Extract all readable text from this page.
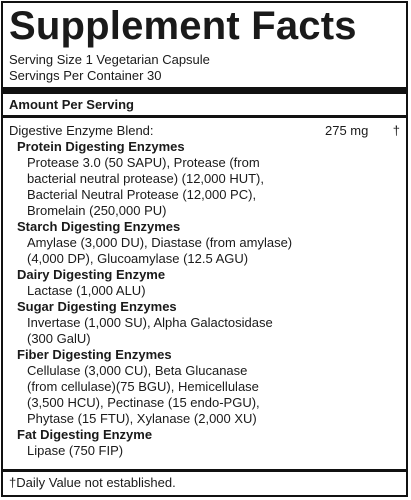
Supplement Facts
Serving Size 1 Vegetarian Capsule
Servings Per Container 30
Amount Per Serving
Digestive Enzyme Blend:	275 mg †
Protein Digesting Enzymes
Protease 3.0 (50 SAPU), Protease (from
bacterial neutral protease) (12,000 HUT),
Bacterial Neutral Protease (12,000 PC),
Bromelain (250,000 PU)
Starch Digesting Enzymes
Amylase (3,000 DU), Diastase (from amylase)
(4,000 DP), Glucoamylase (12.5 AGU)
Dairy Digesting Enzyme
Lactase (1,000 ALU)
Sugar Digesting Enzymes
Invertase (1,000 SU), Alpha Galactosidase
(300 GalU)
Fiber Digesting Enzymes
Cellulase (3,000 CU), Beta Glucanase
(from cellulase)(75 BGU), Hemicellulase
(3,500 HCU), Pectinase (15 endo-PGU),
Phytase (15 FTU), Xylanase (2,000 XU)
Fat Digesting Enzyme
Lipase (750 FIP)
†Daily Value not established.
